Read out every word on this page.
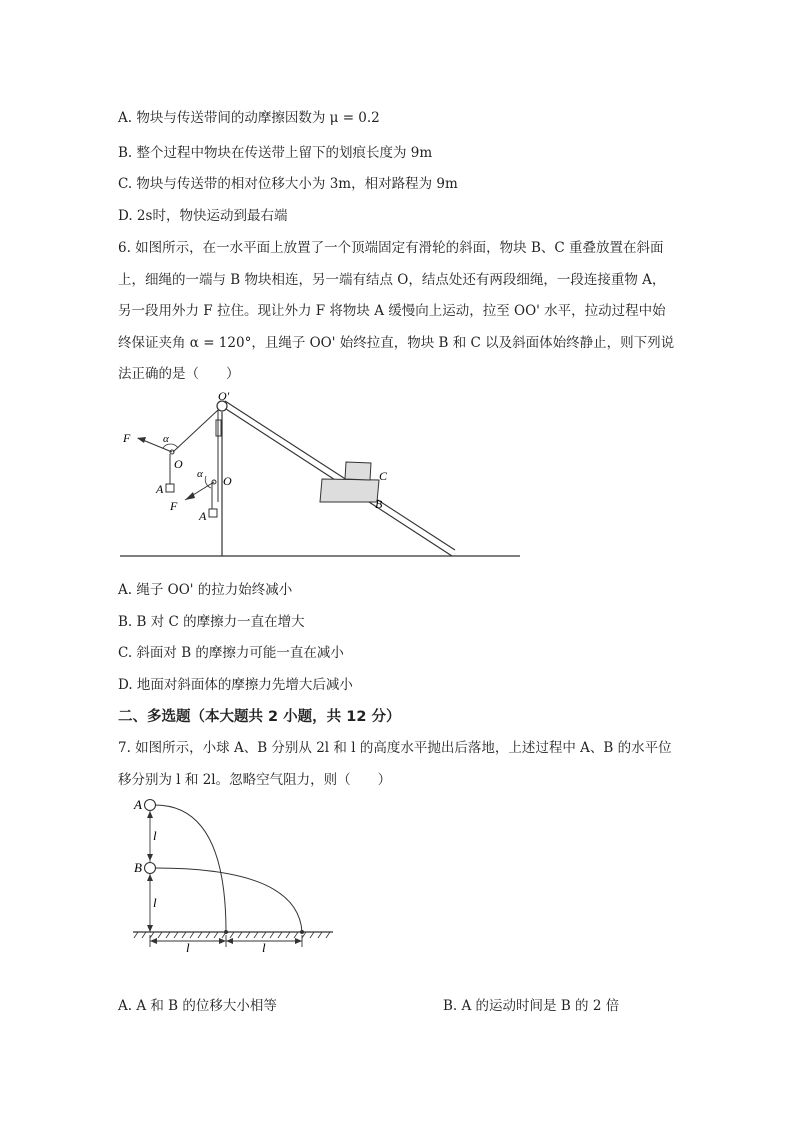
A. 物块与传送带间的动摩擦因数为 μ = 0.2
B. 整个过程中物块在传送带上留下的划痕长度为 9m
C. 物块与传送带的相对位移大小为 3m，相对路程为 9m
D. 2s时，物快运动到最右端
6. 如图所示，在一水平面上放置了一个顶端固定有滑轮的斜面，物块 B、C 重叠放置在斜面上，细绳的一端与 B 物块相连，另一端有结点 O，结点处还有两段细绳，一段连接重物 A，另一段用外力 F 拉住。现让外力 F 将物块 A 缓慢向上运动，拉至 OO' 水平，拉动过程中始终保证夹角 α = 120°，且绳子 OO' 始终拉直，物块 B 和 C 以及斜面体始终静止，则下列说法正确的是（　　）
O'
F	α
O
A
α O
F
A
C
B
A. 绳子 OO' 的拉力始终减小
B. B 对 C 的摩擦力一直在增大
C. 斜面对 B 的摩擦力可能一直在减小
D. 地面对斜面体的摩擦力先增大后减小
二、多选题（本大题共 2 小题，共 12 分）
7. 如图所示，小球 A、B 分别从 2l 和 l 的高度水平抛出后落地，上述过程中 A、B 的水平位移分别为 l 和 2l。忽略空气阻力，则（　　）
A
B
l
l
l	l
A. A 和 B 的位移大小相等	B. A 的运动时间是 B 的 2 倍
